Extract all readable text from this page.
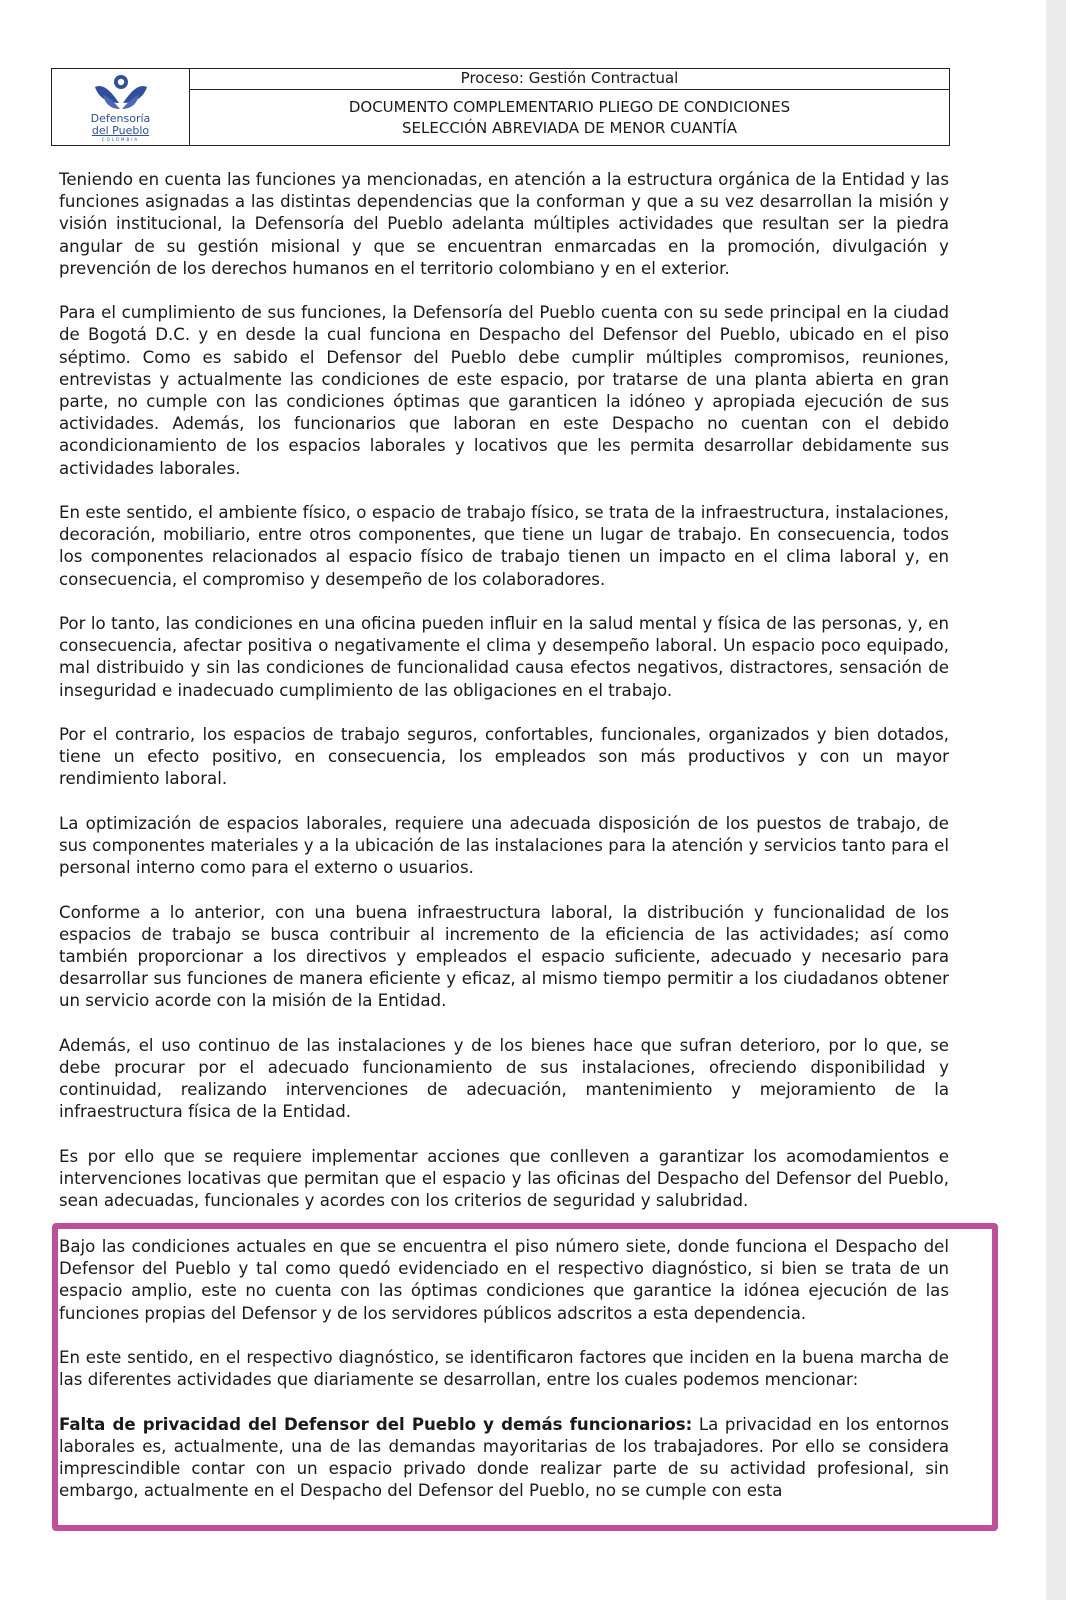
Defensoría
del Pueblo
COLOMBIA
Proceso: Gestión Contractual
DOCUMENTO COMPLEMENTARIO PLIEGO DE CONDICIONES
SELECCIÓN ABREVIADA DE MENOR CUANTÍA

Teniendo en cuenta las funciones ya mencionadas, en atención a la estructura orgánica de la Entidad y las funciones asignadas a las distintas dependencias que la conforman y que a su vez desarrollan la misión y visión institucional, la Defensoría del Pueblo adelanta múltiples actividades que resultan ser la piedra angular de su gestión misional y que se encuentran enmarcadas en la promoción, divulgación y prevención de los derechos humanos en el territorio colombiano y en el exterior.

Para el cumplimiento de sus funciones, la Defensoría del Pueblo cuenta con su sede principal en la ciudad de Bogotá D.C. y en desde la cual funciona en Despacho del Defensor del Pueblo, ubicado en el piso séptimo. Como es sabido el Defensor del Pueblo debe cumplir múltiples compromisos, reuniones, entrevistas y actualmente las condiciones de este espacio, por tratarse de una planta abierta en gran parte, no cumple con las condiciones óptimas que garanticen la idóneo y apropiada ejecución de sus actividades. Además, los funcionarios que laboran en este Despacho no cuentan con el debido acondicionamiento de los espacios laborales y locativos que les permita desarrollar debidamente sus actividades laborales.

En este sentido, el ambiente físico, o espacio de trabajo físico, se trata de la infraestructura, instalaciones, decoración, mobiliario, entre otros componentes, que tiene un lugar de trabajo. En consecuencia, todos los componentes relacionados al espacio físico de trabajo tienen un impacto en el clima laboral y, en consecuencia, el compromiso y desempeño de los colaboradores.

Por lo tanto, las condiciones en una oficina pueden influir en la salud mental y física de las personas, y, en consecuencia, afectar positiva o negativamente el clima y desempeño laboral. Un espacio poco equipado, mal distribuido y sin las condiciones de funcionalidad causa efectos negativos, distractores, sensación de inseguridad e inadecuado cumplimiento de las obligaciones en el trabajo.

Por el contrario, los espacios de trabajo seguros, confortables, funcionales, organizados y bien dotados, tiene un efecto positivo, en consecuencia, los empleados son más productivos y con un mayor rendimiento laboral.

La optimización de espacios laborales, requiere una adecuada disposición de los puestos de trabajo, de sus componentes materiales y a la ubicación de las instalaciones para la atención y servicios tanto para el personal interno como para el externo o usuarios.

Conforme a lo anterior, con una buena infraestructura laboral, la distribución y funcionalidad de los espacios de trabajo se busca contribuir al incremento de la eficiencia de las actividades; así como también proporcionar a los directivos y empleados el espacio suficiente, adecuado y necesario para desarrollar sus funciones de manera eficiente y eficaz, al mismo tiempo permitir a los ciudadanos obtener un servicio acorde con la misión de la Entidad.

Además, el uso continuo de las instalaciones y de los bienes hace que sufran deterioro, por lo que, se debe procurar por el adecuado funcionamiento de sus instalaciones, ofreciendo disponibilidad y continuidad, realizando intervenciones de adecuación, mantenimiento y mejoramiento de la infraestructura física de la Entidad.

Es por ello que se requiere implementar acciones que conlleven a garantizar los acomodamientos e intervenciones locativas que permitan que el espacio y las oficinas del Despacho del Defensor del Pueblo, sean adecuadas, funcionales y acordes con los criterios de seguridad y salubridad.

Bajo las condiciones actuales en que se encuentra el piso número siete, donde funciona el Despacho del Defensor del Pueblo y tal como quedó evidenciado en el respectivo diagnóstico, si bien se trata de un espacio amplio, este no cuenta con las óptimas condiciones que garantice la idónea ejecución de las funciones propias del Defensor y de los servidores públicos adscritos a esta dependencia.

En este sentido, en el respectivo diagnóstico, se identificaron factores que inciden en la buena marcha de las diferentes actividades que diariamente se desarrollan, entre los cuales podemos mencionar:

Falta de privacidad del Defensor del Pueblo y demás funcionarios: La privacidad en los entornos laborales es, actualmente, una de las demandas mayoritarias de los trabajadores. Por ello se considera imprescindible contar con un espacio privado donde realizar parte de su actividad profesional, sin embargo, actualmente en el Despacho del Defensor del Pueblo, no se cumple con esta
